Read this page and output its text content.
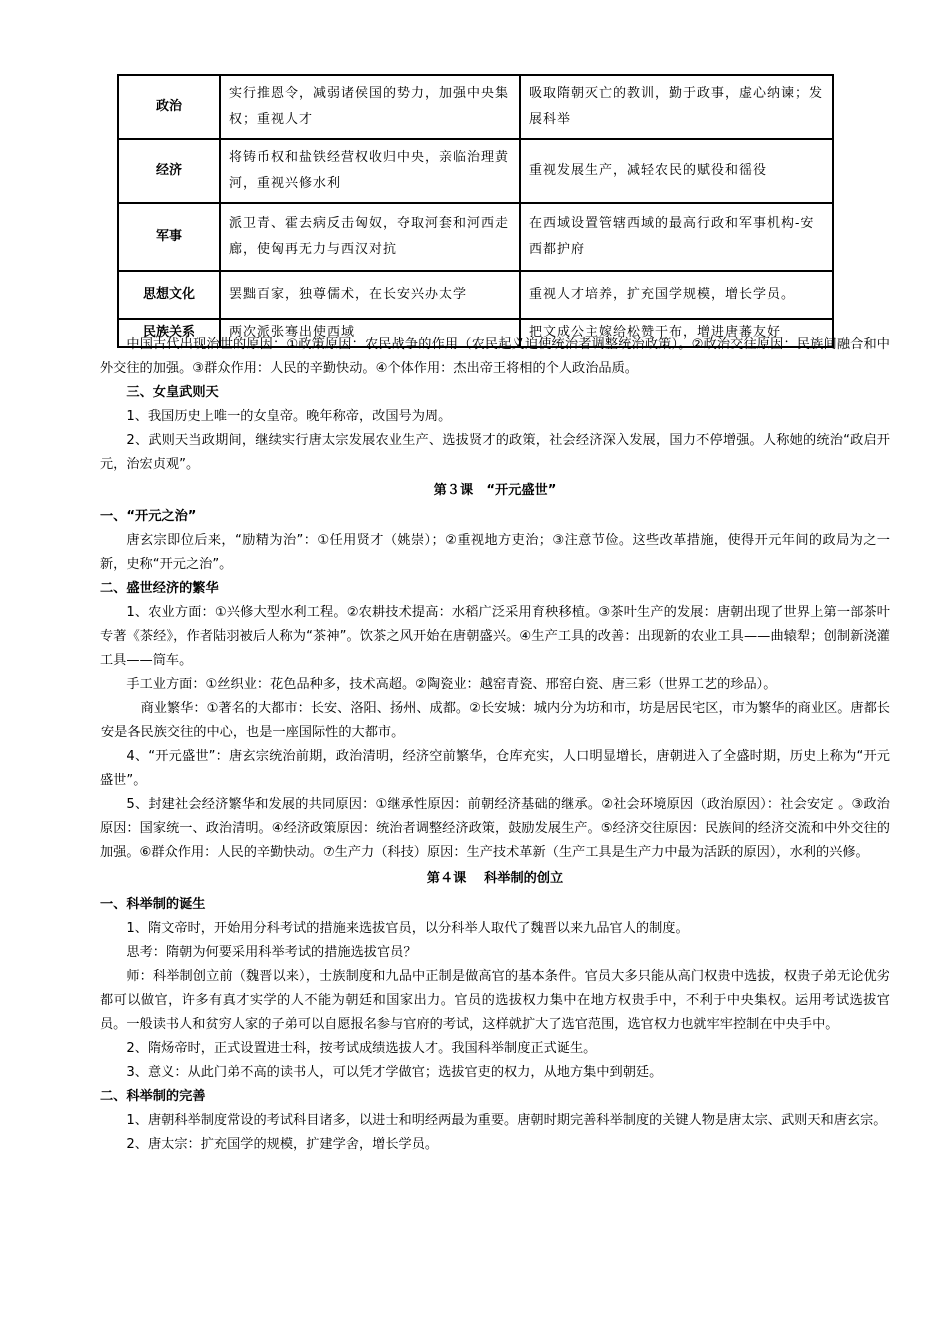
政治	实行推恩令，减弱诸侯国的势力，加强中央集权；重视人才	吸取隋朝灭亡的教训，勤于政事，虚心纳谏；发展科举
经济	将铸币权和盐铁经营权收归中央，亲临治理黄河，重视兴修水利	重视发展生产，减轻农民的赋役和徭役
军事	派卫青、霍去病反击匈奴，夺取河套和河西走廊，使匈再无力与西汉对抗	在西域设置管辖西域的最高行政和军事机构-安西都护府
思想文化	罢黜百家，独尊儒术，在长安兴办太学	重视人才培养，扩充国学规模，增长学员。
民族关系	两次派张骞出使西域	把文成公主嫁给松赞干布，增进唐蕃友好

中国古代出现治世的原因：①政策原因：农民战争的作用（农民起义迫使统治者调整统治政策）。②政治交往原因：民族间融合和中外交往的加强。③群众作用：人民的辛勤快动。④个体作用：杰出帝王将相的个人政治品质。

三、女皇武则天

1、我国历史上唯一的女皇帝。晚年称帝，改国号为周。

2、武则天当政期间，继续实行唐太宗发展农业生产、选拔贤才的政策，社会经济深入发展，国力不停增强。人称她的统治“政启开元，治宏贞观”。

第３课　“开元盛世”

一、“开元之治”

唐玄宗即位后来，“励精为治”：①任用贤才（姚崇）；②重视地方吏治；③注意节俭。这些改革措施，使得开元年间的政局为之一新，史称“开元之治”。

二、盛世经济的繁华

1、农业方面：①兴修大型水利工程。②农耕技术提高：水稻广泛采用育秧移植。③茶叶生产的发展：唐朝出现了世界上第一部茶叶专著《茶经》，作者陆羽被后人称为“茶神”。饮茶之风开始在唐朝盛兴。④生产工具的改善：出现新的农业工具——曲辕犁；创制新浇灌工具——筒车。

手工业方面：①丝织业：花色品种多，技术高超。②陶瓷业：越窑青瓷、邢窑白瓷、唐三彩（世界工艺的珍品）。

商业繁华：①著名的大都市：长安、洛阳、扬州、成都。②长安城：城内分为坊和市，坊是居民宅区，市为繁华的商业区。唐都长安是各民族交往的中心，也是一座国际性的大都市。

4、“开元盛世”：唐玄宗统治前期，政治清明，经济空前繁华，仓库充实，人口明显增长，唐朝进入了全盛时期，历史上称为“开元盛世”。

5、封建社会经济繁华和发展的共同原因：①继承性原因：前朝经济基础的继承。②社会环境原因（政治原因）：社会安定 。③政治原因：国家统一、政治清明。④经济政策原因：统治者调整经济政策，鼓励发展生产。⑤经济交往原因：民族间的经济交流和中外交往的加强。⑥群众作用：人民的辛勤快动。⑦生产力（科技）原因：生产技术革新（生产工具是生产力中最为活跃的原因），水利的兴修。

第４课　 科举制的创立

一、科举制的诞生

1、隋文帝时，开始用分科考试的措施来选拔官员，以分科举人取代了魏晋以来九品官人的制度。

思考：隋朝为何要采用科举考试的措施选拔官员？

师：科举制创立前（魏晋以来），士族制度和九品中正制是做高官的基本条件。官员大多只能从高门权贵中选拔，权贵子弟无论优劣都可以做官，许多有真才实学的人不能为朝廷和国家出力。官员的选拔权力集中在地方权贵手中，不利于中央集权。运用考试选拔官员。一般读书人和贫穷人家的子弟可以自愿报名参与官府的考试，这样就扩大了选官范围，选官权力也就牢牢控制在中央手中。

2、隋炀帝时，正式设置进士科，按考试成绩选拔人才。我国科举制度正式诞生。

3、意义：从此门弟不高的读书人，可以凭才学做官；选拔官吏的权力，从地方集中到朝廷。

二、科举制的完善

1、唐朝科举制度常设的考试科目诸多，以进士和明经两最为重要。唐朝时期完善科举制度的关键人物是唐太宗、武则天和唐玄宗。

2、唐太宗：扩充国学的规模，扩建学舍，增长学员。
